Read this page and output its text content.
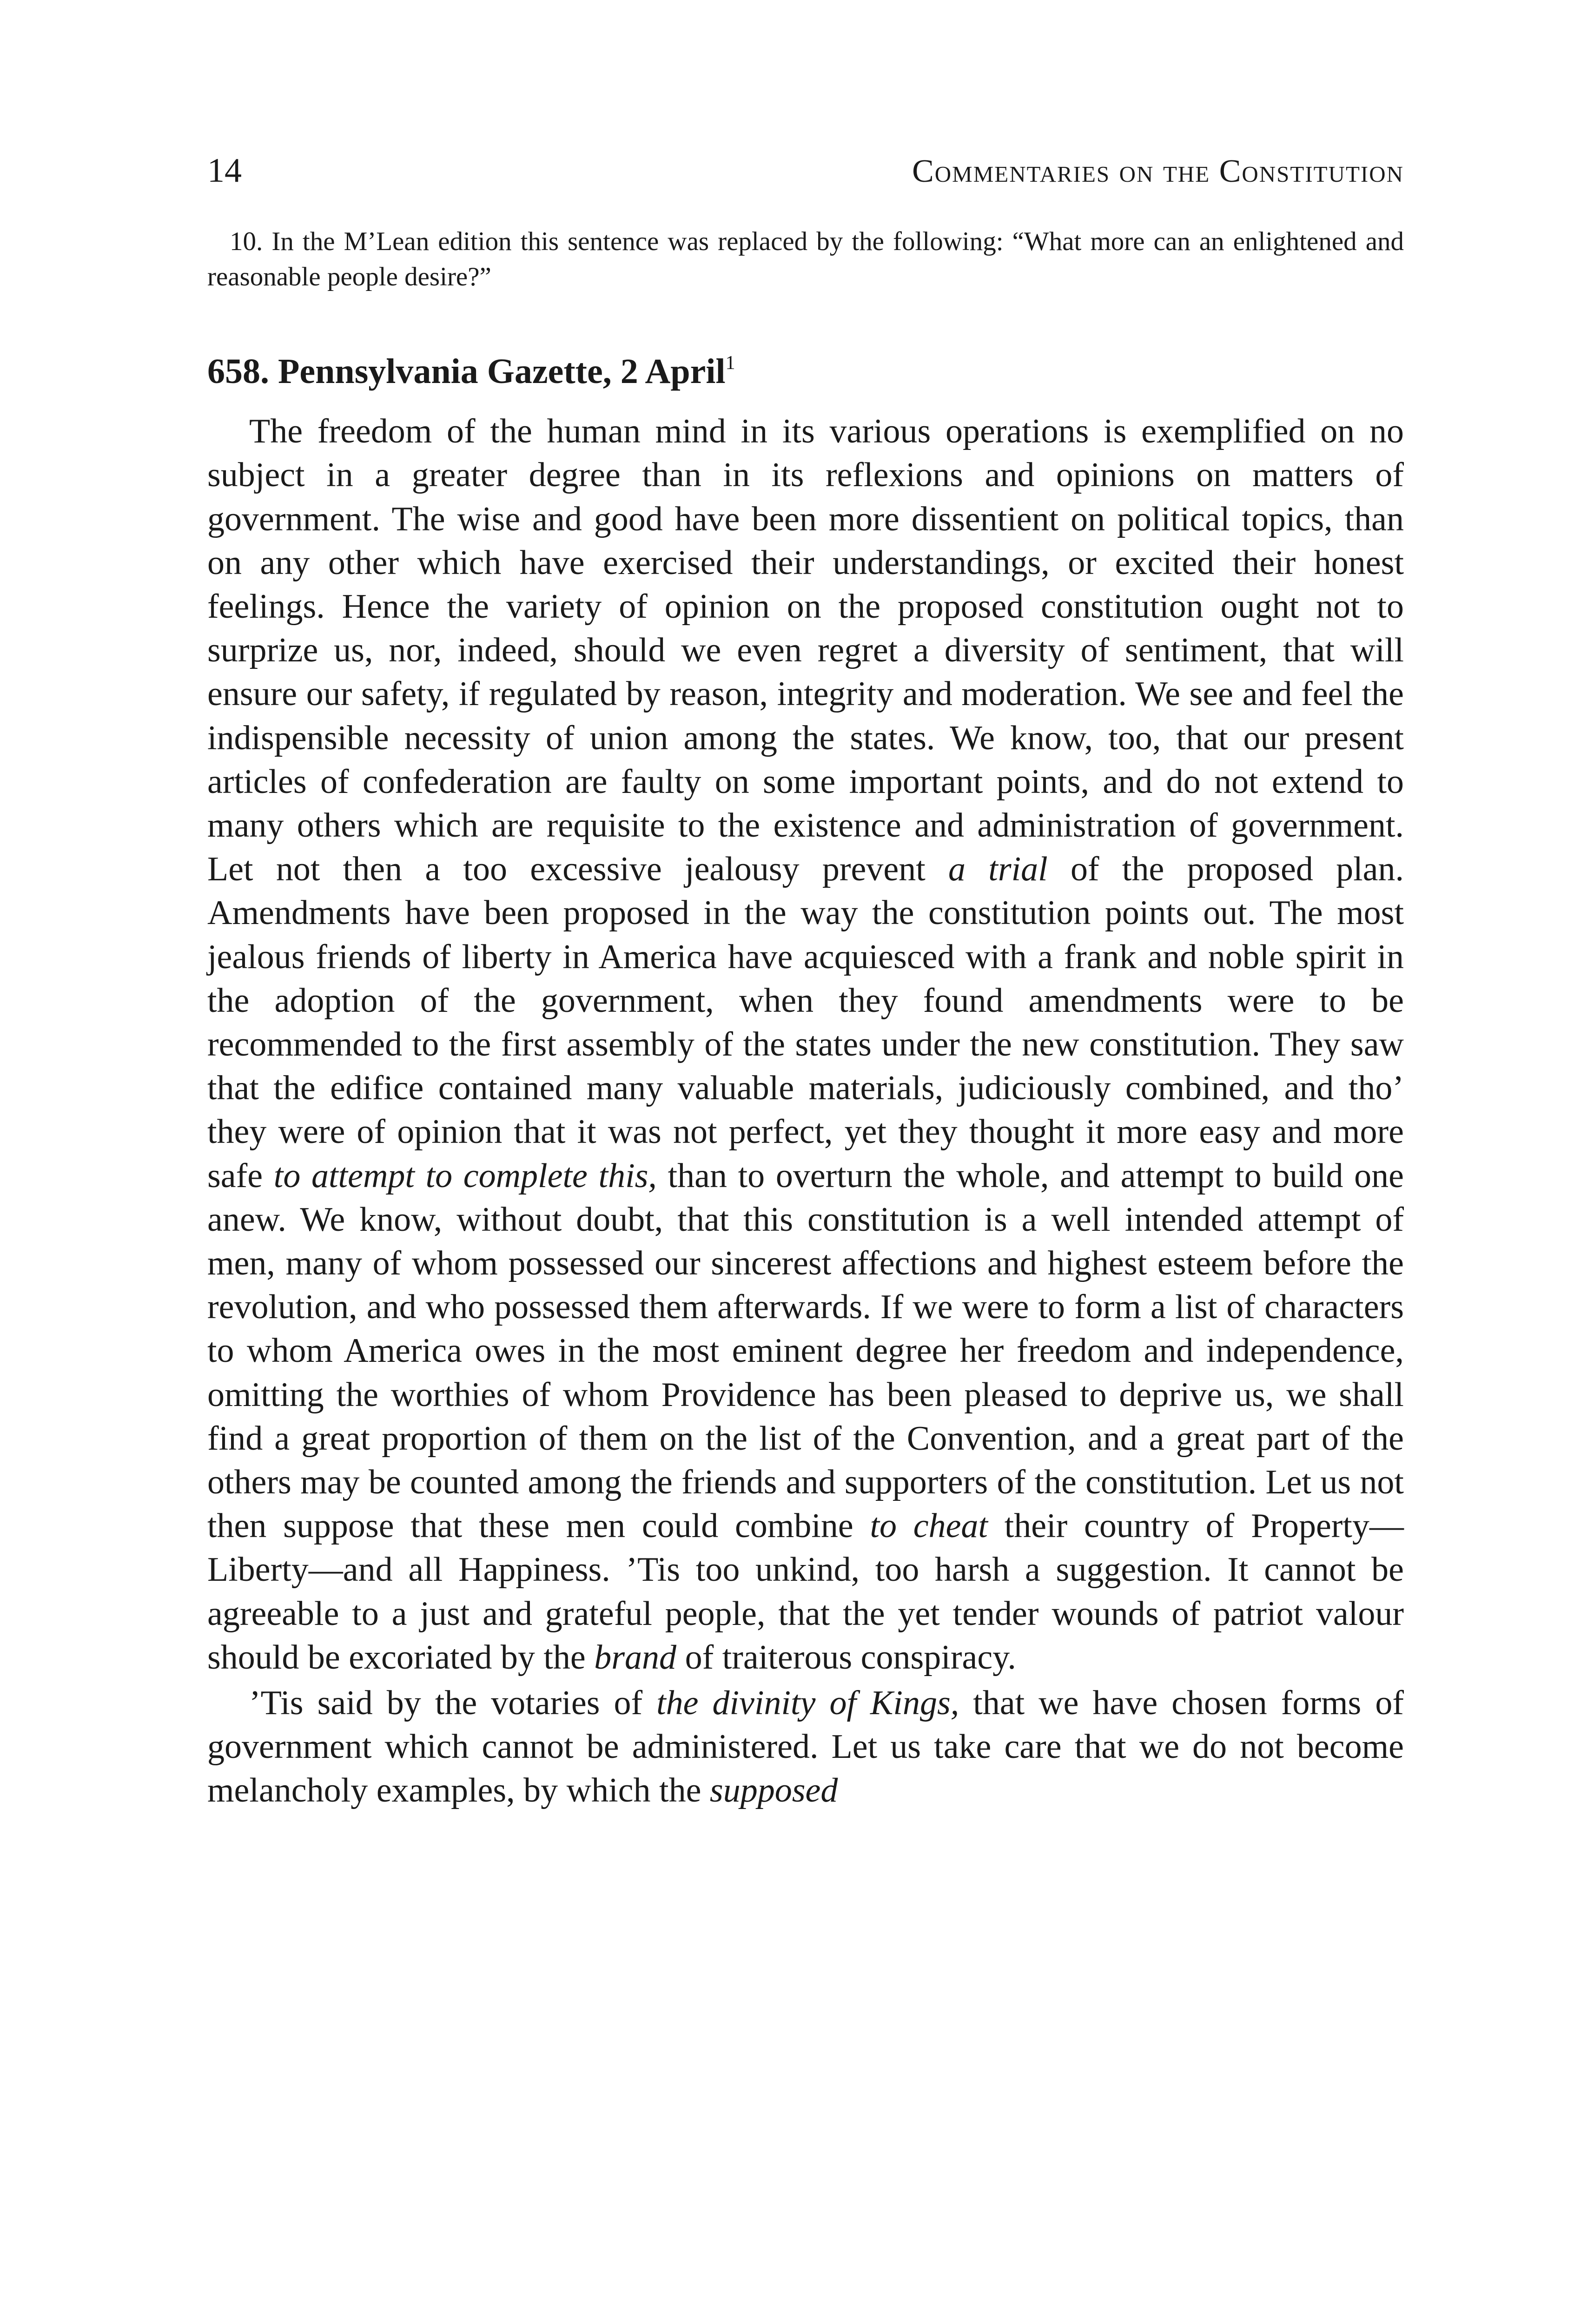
14	Commentaries on the Constitution
10. In the M’Lean edition this sentence was replaced by the following: “What more can an enlightened and reasonable people desire?”
658. Pennsylvania Gazette, 2 April$^1$

The freedom of the human mind in its various operations is exemplified on no subject in a greater degree than in its reflexions and opinions on matters of government. The wise and good have been more dissentient on political topics, than on any other which have exercised their understandings, or excited their honest feelings. Hence the variety of opinion on the proposed constitution ought not to surprize us, nor, indeed, should we even regret a diversity of sentiment, that will ensure our safety, if regulated by reason, integrity and moderation. We see and feel the indispensible necessity of union among the states. We know, too, that our present articles of confederation are faulty on some important points, and do not extend to many others which are requisite to the existence and administration of government. Let not then a too excessive jealousy prevent a trial of the proposed plan. Amendments have been proposed in the way the constitution points out. The most jealous friends of liberty in America have acquiesced with a frank and noble spirit in the adoption of the government, when they found amendments were to be recommended to the first assembly of the states under the new constitution. They saw that the edifice contained many valuable materials, judiciously combined, and tho’ they were of opinion that it was not perfect, yet they thought it more easy and more safe to attempt to complete this, than to overturn the whole, and attempt to build one anew. We know, without doubt, that this constitution is a well intended attempt of men, many of whom possessed our sincerest affections and highest esteem before the revolution, and who possessed them afterwards. If we were to form a list of characters to whom America owes in the most eminent degree her freedom and independence, omitting the worthies of whom Providence has been pleased to deprive us, we shall find a great proportion of them on the list of the Convention, and a great part of the others may be counted among the friends and supporters of the constitution. Let us not then suppose that these men could combine to cheat their country of Property—Liberty—and all Happiness. ’Tis too unkind, too harsh a suggestion. It cannot be agreeable to a just and grateful people, that the yet tender wounds of patriot valour should be excoriated by the brand of traiterous conspiracy.

’Tis said by the votaries of the divinity of Kings, that we have chosen forms of government which cannot be administered. Let us take care that we do not become melancholy examples, by which the supposed
